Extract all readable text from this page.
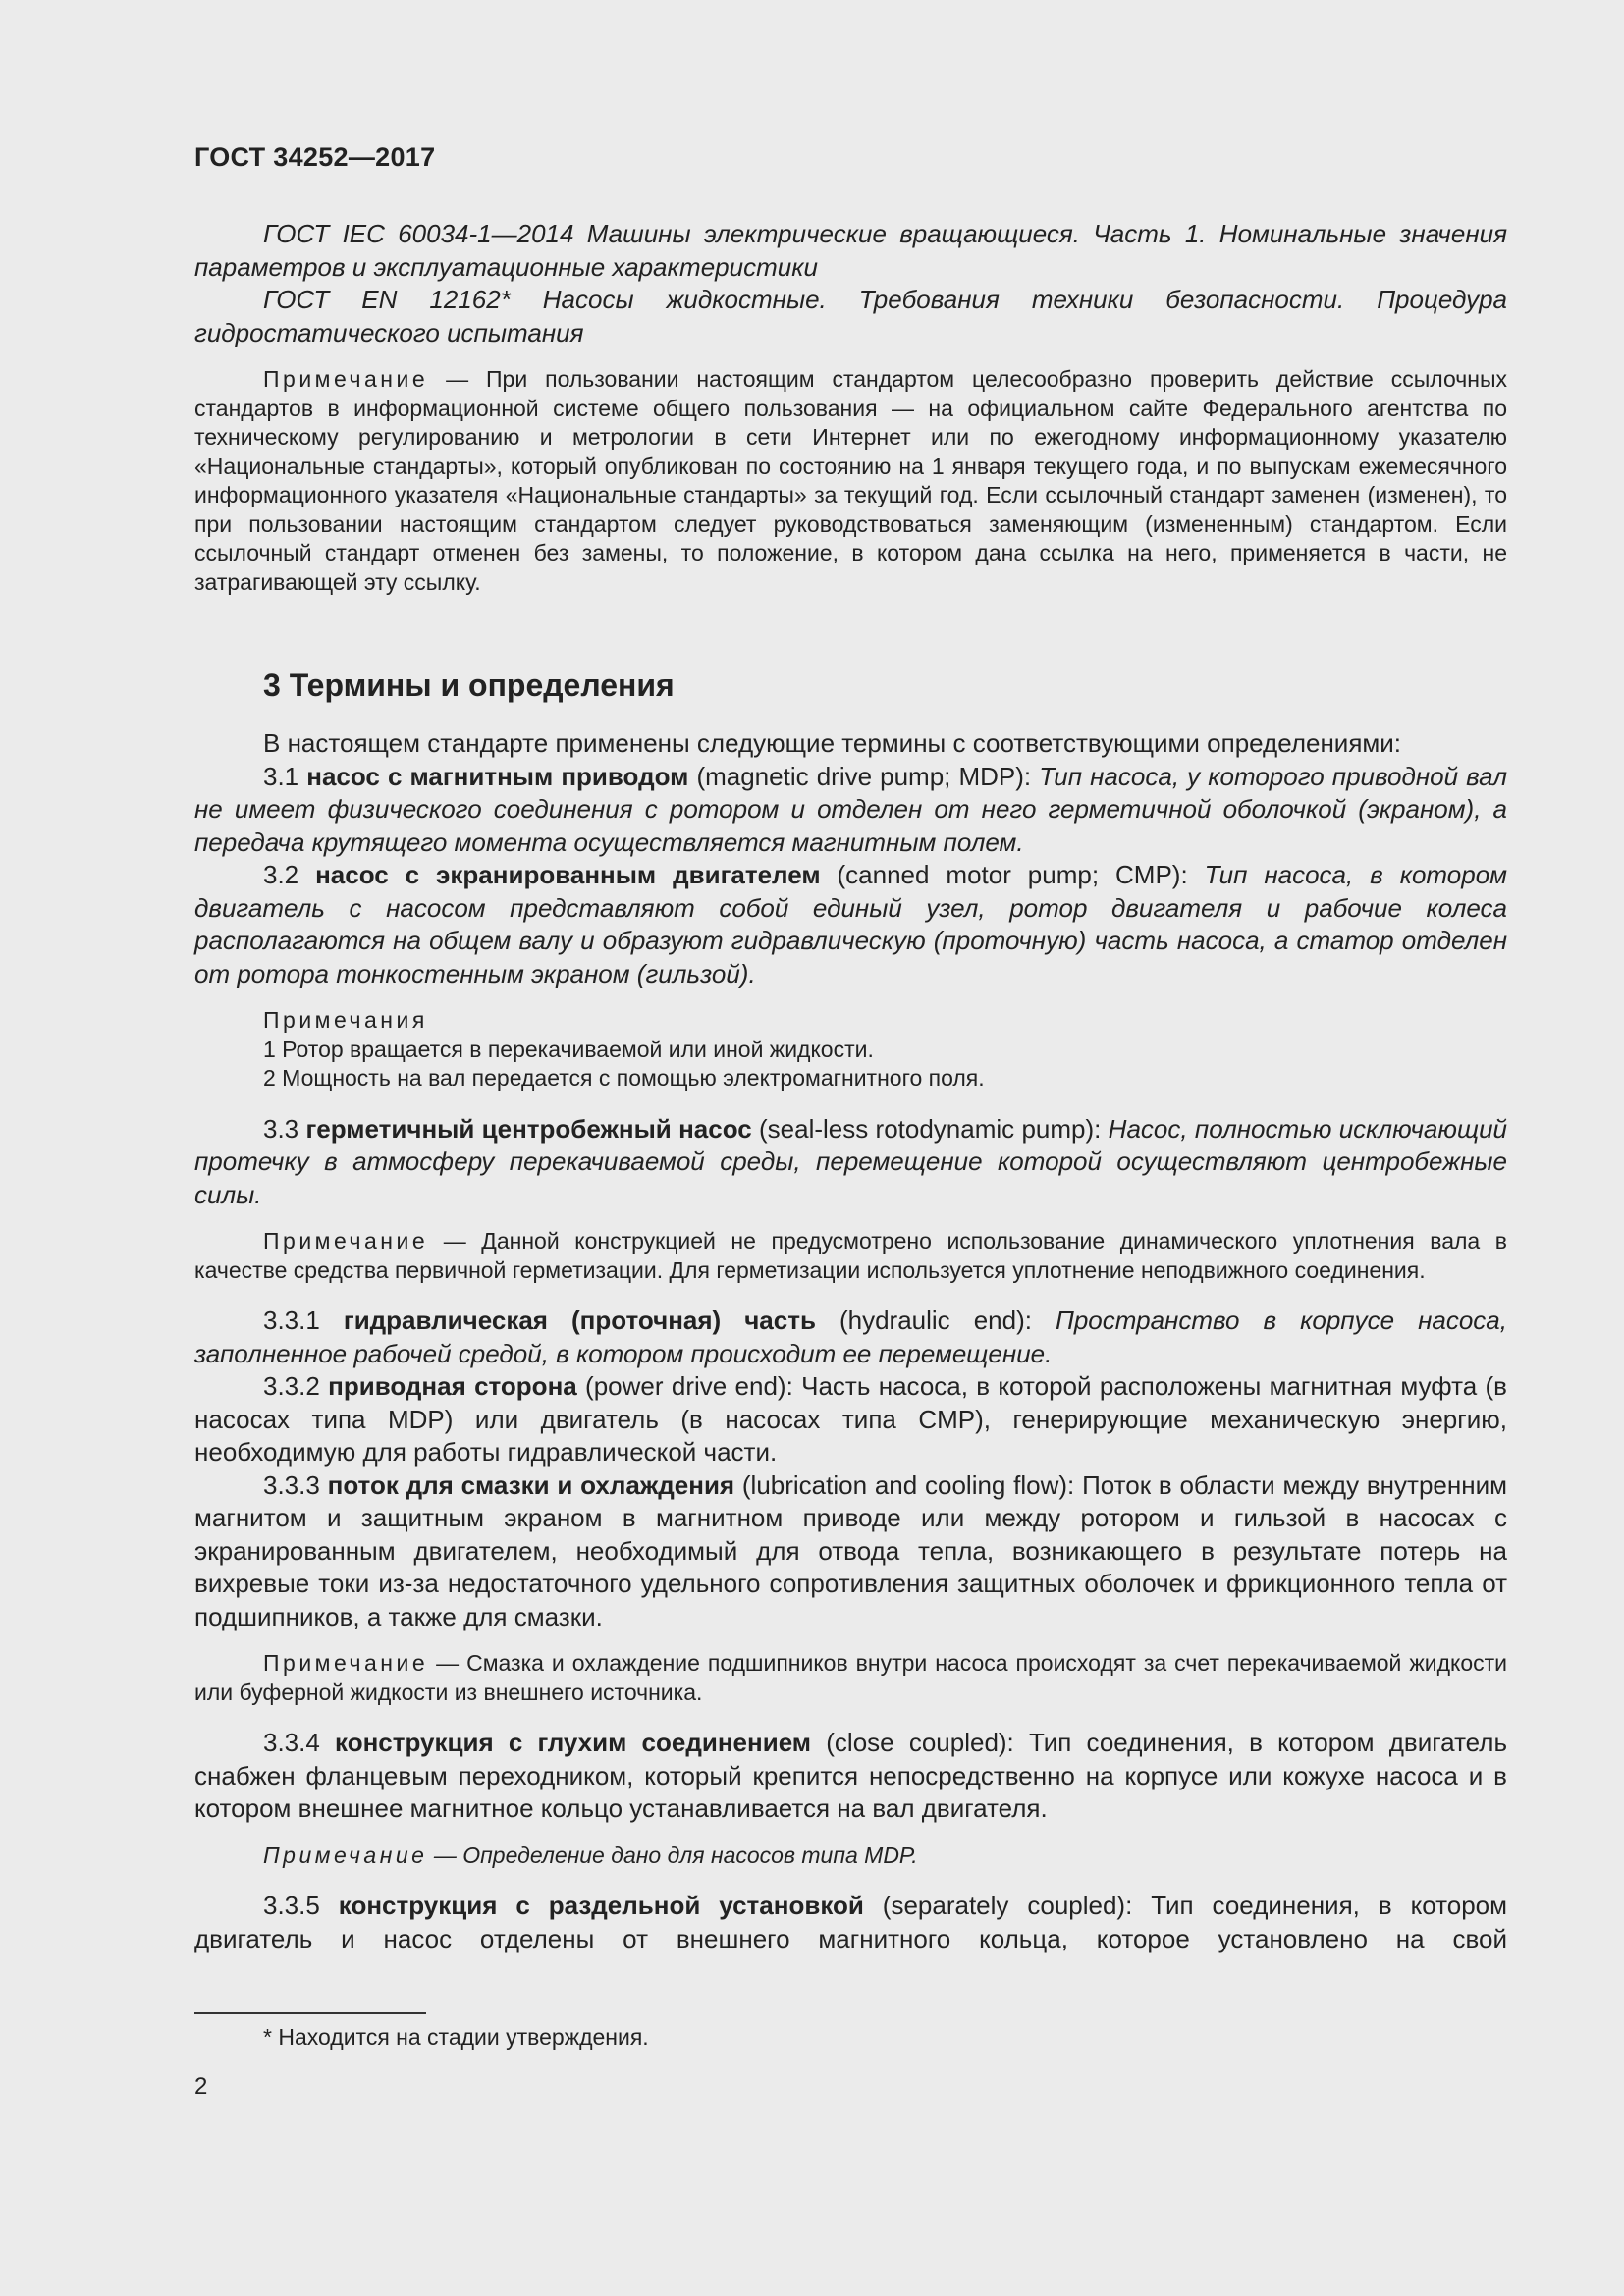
ГОСТ 34252—2017

ГОСТ IEC 60034-1—2014 Машины электрические вращающиеся. Часть 1. Номинальные значения параметров и эксплуатационные характеристики

ГОСТ EN 12162* Насосы жидкостные. Требования техники безопасности. Процедура гидростатического испытания

Примечание — При пользовании настоящим стандартом целесообразно проверить действие ссылочных стандартов в информационной системе общего пользования — на официальном сайте Федерального агентства по техническому регулированию и метрологии в сети Интернет или по ежегодному информационному указателю «Национальные стандарты», который опубликован по состоянию на 1 января текущего года, и по выпускам ежемесячного информационного указателя «Национальные стандарты» за текущий год. Если ссылочный стандарт заменен (изменен), то при пользовании настоящим стандартом следует руководствоваться заменяющим (измененным) стандартом. Если ссылочный стандарт отменен без замены, то положение, в котором дана ссылка на него, применяется в части, не затрагивающей эту ссылку.

3 Термины и определения

В настоящем стандарте применены следующие термины с соответствующими определениями:

3.1 насос с магнитным приводом (magnetic drive pump; MDP): Тип насоса, у которого приводной вал не имеет физического соединения с ротором и отделен от него герметичной оболочкой (экраном), а передача крутящего момента осуществляется магнитным полем.

3.2 насос с экранированным двигателем (canned motor pump; CMP): Тип насоса, в котором двигатель с насосом представляют собой единый узел, ротор двигателя и рабочие колеса располагаются на общем валу и образуют гидравлическую (проточную) часть насоса, а статор отделен от ротора тонкостенным экраном (гильзой).

Примечания
1 Ротор вращается в перекачиваемой или иной жидкости.
2 Мощность на вал передается с помощью электромагнитного поля.

3.3 герметичный центробежный насос (seal-less rotodynamic pump): Насос, полностью исключающий протечку в атмосферу перекачиваемой среды, перемещение которой осуществляют центробежные силы.

Примечание — Данной конструкцией не предусмотрено использование динамического уплотнения вала в качестве средства первичной герметизации. Для герметизации используется уплотнение неподвижного соединения.

3.3.1 гидравлическая (проточная) часть (hydraulic end): Пространство в корпусе насоса, заполненное рабочей средой, в котором происходит ее перемещение.

3.3.2 приводная сторона (power drive end): Часть насоса, в которой расположены магнитная муфта (в насосах типа MDP) или двигатель (в насосах типа CMP), генерирующие механическую энергию, необходимую для работы гидравлической части.

3.3.3 поток для смазки и охлаждения (lubrication and cooling flow): Поток в области между внутренним магнитом и защитным экраном в магнитном приводе или между ротором и гильзой в насосах с экранированным двигателем, необходимый для отвода тепла, возникающего в результате потерь на вихревые токи из-за недостаточного удельного сопротивления защитных оболочек и фрикционного тепла от подшипников, а также для смазки.

Примечание — Смазка и охлаждение подшипников внутри насоса происходят за счет перекачиваемой жидкости или буферной жидкости из внешнего источника.

3.3.4 конструкция с глухим соединением (close coupled): Тип соединения, в котором двигатель снабжен фланцевым переходником, который крепится непосредственно на корпусе или кожухе насоса и в котором внешнее магнитное кольцо устанавливается на вал двигателя.

Примечание — Определение дано для насосов типа MDP.

3.3.5 конструкция с раздельной установкой (separately coupled): Тип соединения, в котором двигатель и насос отделены от внешнего магнитного кольца, которое установлено на свой

* Находится на стадии утверждения.
2
